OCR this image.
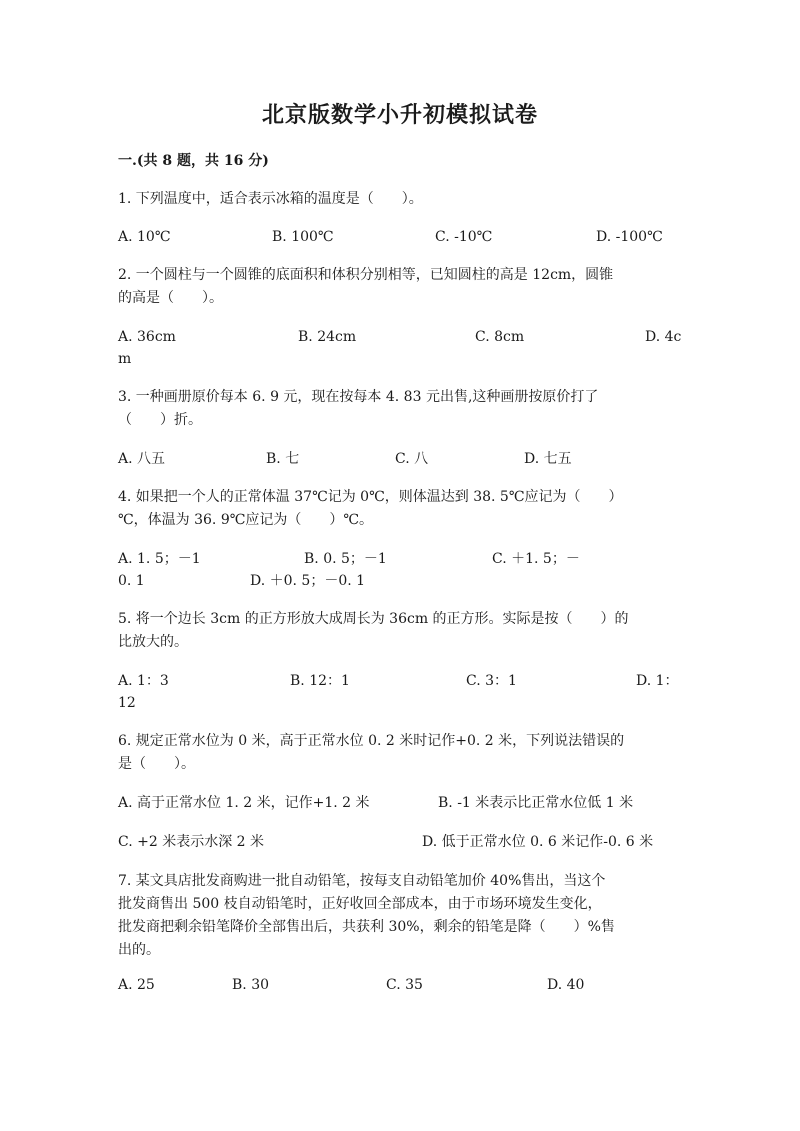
北京版数学小升初模拟试卷
一.(共 8 题，共 16 分)
1. 下列温度中，适合表示冰箱的温度是（　　）。
A. 10℃	B. 100℃	C. -10℃	D. -100℃
2. 一个圆柱与一个圆锥的底面积和体积分别相等，已知圆柱的高是 12cm，圆锥
的高是（　　）。
A. 36cm	B. 24cm	C. 8cm	D. 4c
m
3. 一种画册原价每本 6. 9 元，现在按每本 4. 83 元出售,这种画册按原价打了
（　　）折。
A. 八五	B. 七	C. 八	D. 七五
4. 如果把一个人的正常体温 37℃记为 0℃，则体温达到 38. 5℃应记为（　　）
℃，体温为 36. 9℃应记为（　　）℃。
A. 1. 5；－1	B. 0. 5；－1	C. ＋1. 5；－
0. 1	D. ＋0. 5；－0. 1
5. 将一个边长 3cm 的正方形放大成周长为 36cm 的正方形。实际是按（　　）的
比放大的。
A. 1：3	B. 12：1	C. 3：1	D. 1：
12
6. 规定正常水位为 0 米，高于正常水位 0. 2 米时记作+0. 2 米，下列说法错误的
是（　　）。
A. 高于正常水位 1. 2 米，记作+1. 2 米	B. -1 米表示比正常水位低 1 米
C. +2 米表示水深 2 米	D. 低于正常水位 0. 6 米记作-0. 6 米
7. 某文具店批发商购进一批自动铅笔，按每支自动铅笔加价 40%售出，当这个
批发商售出 500 枝自动铅笔时，正好收回全部成本，由于市场环境发生变化，
批发商把剩余铅笔降价全部售出后，共获利 30%，剩余的铅笔是降（　　）%售
出的。
A. 25	B. 30	C. 35	D. 40
